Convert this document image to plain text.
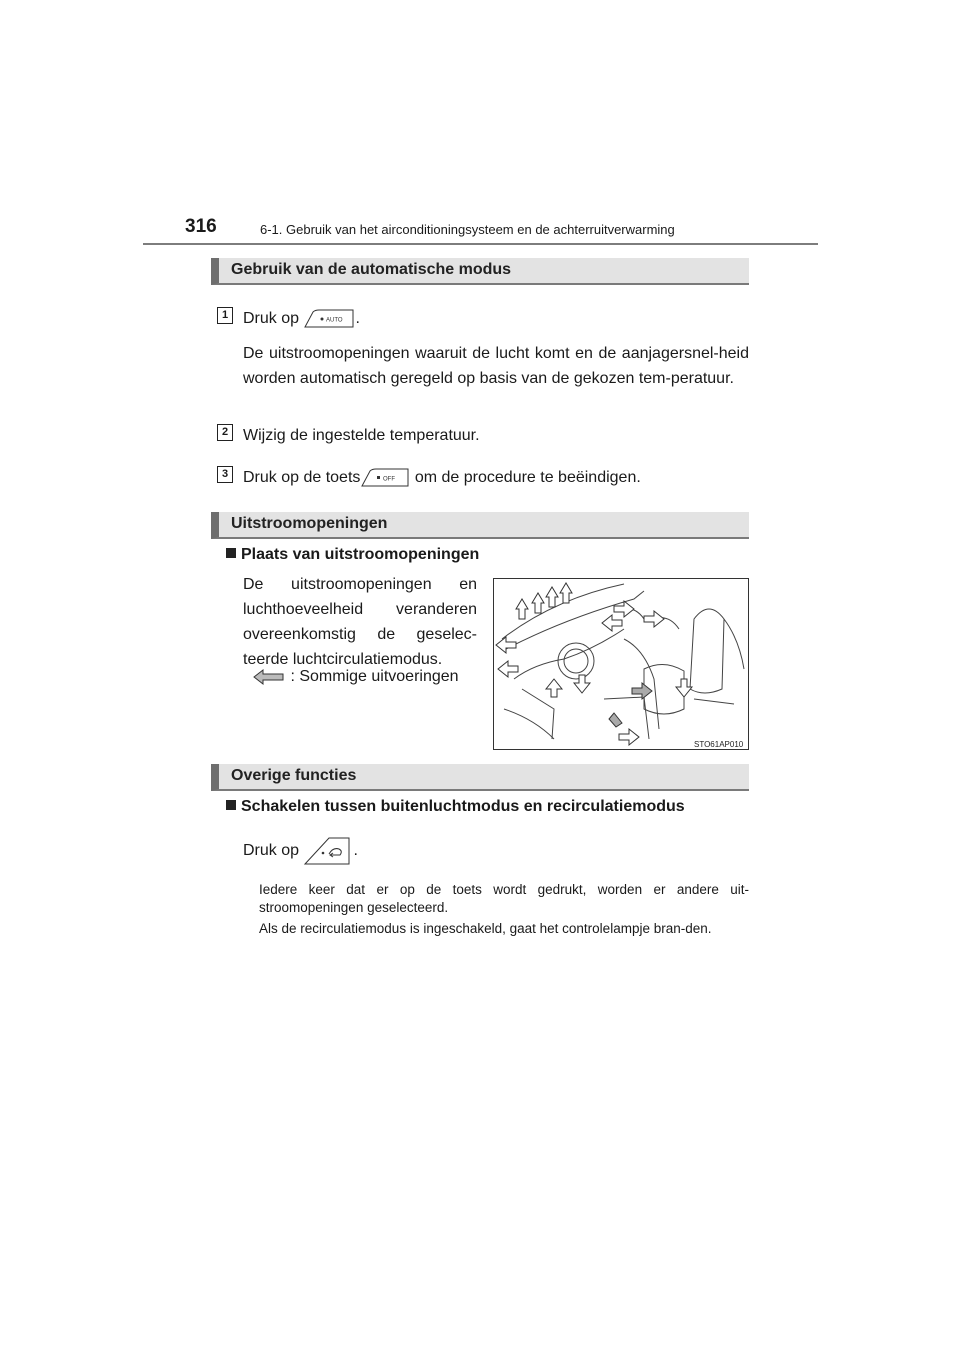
316	6-1. Gebruik van het airconditioningsysteem en de achterruitverwarming
Gebruik van de automatische modus
1 Druk op	AUTO .
De uitstroomopeningen waaruit de lucht komt en de aanjagersnel-heid worden automatisch geregeld op basis van de gekozen tem-peratuur.
2 Wijzig de ingestelde temperatuur.
3 Druk op de toets	OFF om de procedure te beëindigen.
Uitstroomopeningen
Plaats van uitstroomopeningen
De uitstroomopeningen en luchthoeveelheid veranderen overeenkomstig de geselec-teerde luchtcirculatiemodus.
: Sommige uitvoeringen
STO61AP010
Overige functies
Schakelen tussen buitenluchtmodus en recirculatiemodus
Druk op	.
Iedere keer dat er op de toets wordt gedrukt, worden er andere uit-stroomopeningen geselecteerd.
Als de recirculatiemodus is ingeschakeld, gaat het controlelampje bran-den.
